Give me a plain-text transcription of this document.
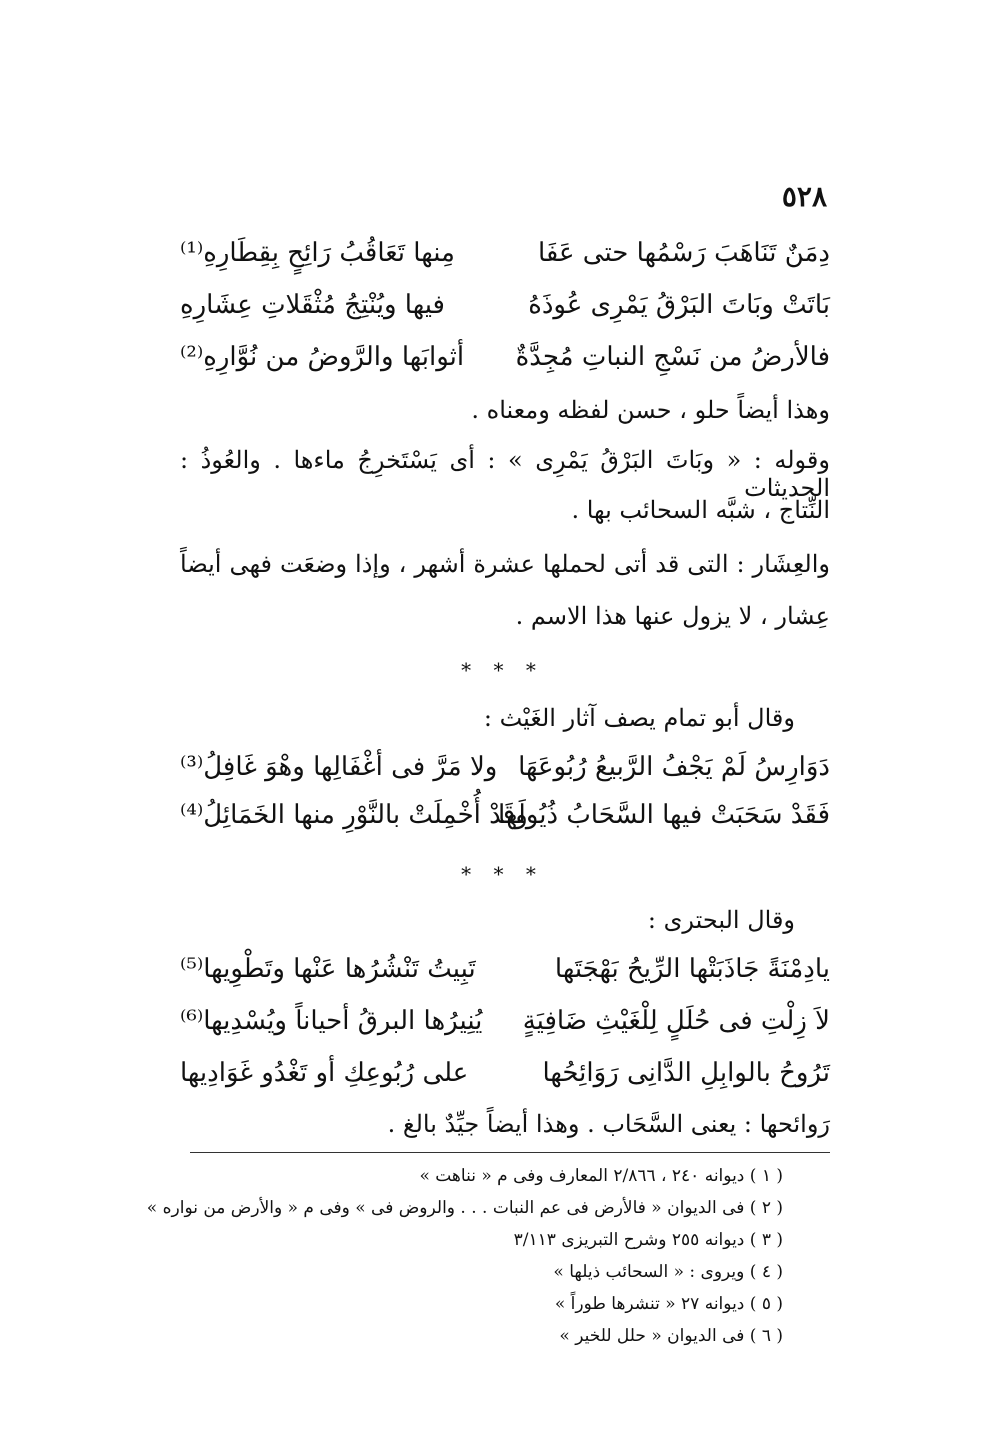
٥٢٨
دِمَنٌ تَنَاهَبَ رَسْمُها حتى عَفَا
مِنها تَعَاقُبُ رَائِحٍ بِقِطَارِهِ⁽¹⁾
بَاتَتْ وبَاتَ البَرْقُ يَمْرِى عُوذَهُ
فيها ويُنْتِجُ مُثْقَلاتِ عِشَارِهِ
فالأرضُ من نَسْجِ النباتِ مُجِدَّةٌ
أثوابَها والرَّوضُ من نُوَّارِهِ⁽²⁾
وهذا أيضاً حلو ، حسن لفظه ومعناه .
وقوله : « وبَاتَ البَرْقُ يَمْرِى » : أى يَسْتَخرِجُ ماءها . والعُوذُ : الحديثات
النِّتاج ، شبَّه السحائب بها .
والعِشَار : التى قد أتى لحملها عشرة أشهر ، وإذا وضعَت فهى أيضاً
عِشار ، لا يزول عنها هذا الاسم .
* * *
وقال أبو تمام يصف آثار الغَيْث :
دَوَارِسُ لَمْ يَجْفُ الرَّبيعُ رُبُوعَهَا
ولا مَرَّ فى أغْفَالِها وهْوَ غَافِلُ⁽³⁾
فَقَدْ سَحَبَتْ فيها السَّحَابُ ذُيُولَها
وقَدْ أُخْمِلَتْ بالنَّوْرِ منها الخَمَائِلُ⁽⁴⁾
* * *
وقال البحترى :
يادِمْنَةً جَاذَبَتْها الرِّيحُ بَهْجَتَها
تَبِيتُ تَنْشُرُها عَنْها وتَطْوِيها⁽⁵⁾
لاَ زِلْتِ فى حُلَلٍ لِلْغَيْثِ ضَافِيَةٍ
يُنِيرُها البرقُ أحياناً ويُسْدِيها⁽⁶⁾
تَرُوحُ بالوابِلِ الدَّانِى رَوَائِحُها
على رُبُوعِكِ أو تَغْدُو غَوَادِيها
رَوائحها : يعنى السَّحَاب . وهذا أيضاً جيِّدٌ بالغ .
( ١ ) ديوانه ٢٤٠ ، ٢/٨٦٦ المعارف وفى م « نناهت »
( ٢ ) فى الديوان « فالأرض فى عم النبات . . . والروض فى » وفى م « والأرض من نواره »
( ٣ ) ديوانه ٢٥٥ وشرح التبريزى ٣/١١٣
( ٤ ) ويروى : « السحائب ذيلها »
( ٥ ) ديوانه ٢٧ « تنشرها طوراً »
( ٦ ) فى الديوان « حلل للخير »
